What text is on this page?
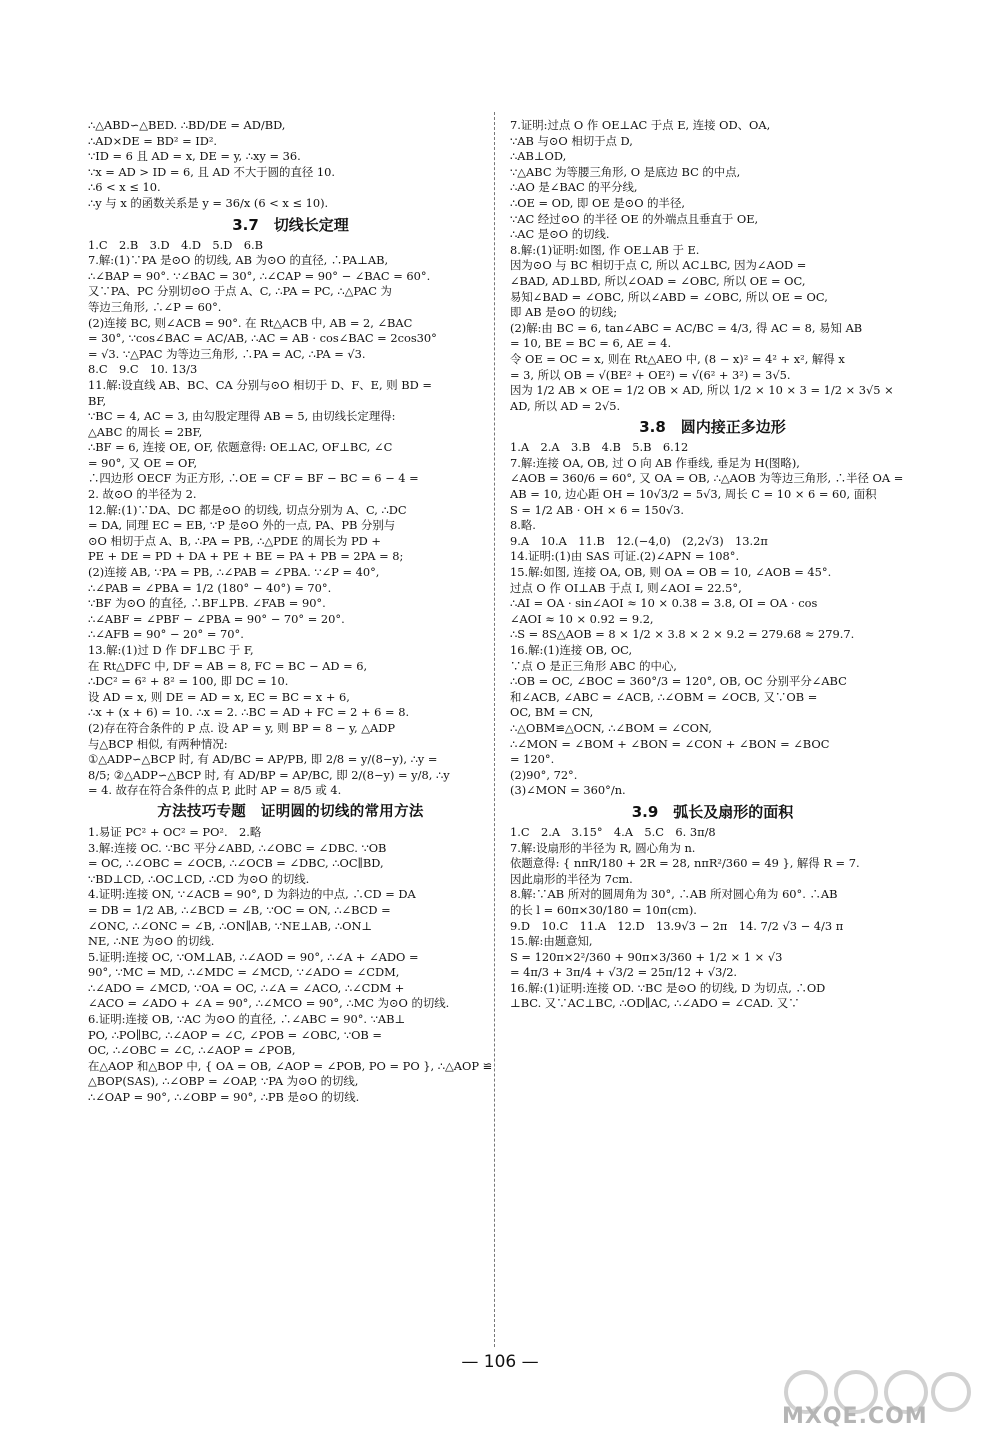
∴△ABD∽△BED. ∴BD/DE = AD/BD,
∴AD×DE = BD² = ID².
∵ID = 6 且 AD = x, DE = y, ∴xy = 36.
∵x = AD > ID = 6, 且 AD 不大于圆的直径 10.
∴6 < x ≤ 10.
∴y 与 x 的函数关系是 y = 36/x (6 < x ≤ 10).
3.7　切线长定理
1.C　2.B　3.D　4.D　5.D　6.B
7.解:(1)∵PA 是⊙O 的切线, AB 为⊙O 的直径, ∴PA⊥AB,
∴∠BAP = 90°. ∵∠BAC = 30°, ∴∠CAP = 90° − ∠BAC = 60°.
又∵PA、PC 分别切⊙O 于点 A、C, ∴PA = PC, ∴△PAC 为
等边三角形, ∴∠P = 60°.
(2)连接 BC, 则∠ACB = 90°. 在 Rt△ACB 中, AB = 2, ∠BAC
= 30°, ∵cos∠BAC = AC/AB, ∴AC = AB · cos∠BAC = 2cos30°
= √3. ∵△PAC 为等边三角形, ∴PA = AC, ∴PA = √3.
8.C　9.C　10. 13/3
11.解:设直线 AB、BC、CA 分别与⊙O 相切于 D、F、E, 则 BD =
BF,
∵BC = 4, AC = 3, 由勾股定理得 AB = 5, 由切线长定理得:
△ABC 的周长 = 2BF,
∴BF = 6, 连接 OE, OF, 依题意得: OE⊥AC, OF⊥BC, ∠C
= 90°, 又 OE = OF,
∴四边形 OECF 为正方形, ∴OE = CF = BF − BC = 6 − 4 =
2. 故⊙O 的半径为 2.
12.解:(1)∵DA、DC 都是⊙O 的切线, 切点分别为 A、C, ∴DC
= DA, 同理 EC = EB, ∵P 是⊙O 外的一点, PA、PB 分别与
⊙O 相切于点 A、B, ∴PA = PB, ∴△PDE 的周长为 PD +
PE + DE = PD + DA + PE + BE = PA + PB = 2PA = 8;
(2)连接 AB, ∵PA = PB, ∴∠PAB = ∠PBA. ∵∠P = 40°,
∴∠PAB = ∠PBA = 1/2 (180° − 40°) = 70°.
∵BF 为⊙O 的直径, ∴BF⊥PB. ∠FAB = 90°.
∴∠ABF = ∠PBF − ∠PBA = 90° − 70° = 20°.
∴∠AFB = 90° − 20° = 70°.
13.解:(1)过 D 作 DF⊥BC 于 F,
在 Rt△DFC 中, DF = AB = 8, FC = BC − AD = 6,
∴DC² = 6² + 8² = 100, 即 DC = 10.
设 AD = x, 则 DE = AD = x, EC = BC = x + 6,
∴x + (x + 6) = 10. ∴x = 2. ∴BC = AD + FC = 2 + 6 = 8.
(2)存在符合条件的 P 点. 设 AP = y, 则 BP = 8 − y, △ADP
与△BCP 相似, 有两种情况:
①△ADP∽△BCP 时, 有 AD/BC = AP/PB, 即 2/8 = y/(8−y), ∴y =
8/5; ②△ADP∽△BCP 时, 有 AD/BP = AP/BC, 即 2/(8−y) = y/8, ∴y
= 4. 故存在符合条件的点 P, 此时 AP = 8/5 或 4.
方法技巧专题　证明圆的切线的常用方法
1.易证 PC² + OC² = PO².　2.略
3.解:连接 OC. ∵BC 平分∠ABD, ∴∠OBC = ∠DBC. ∵OB
= OC, ∴∠OBC = ∠OCB, ∴∠OCB = ∠DBC, ∴OC∥BD,
∵BD⊥CD, ∴OC⊥CD, ∴CD 为⊙O 的切线.
4.证明:连接 ON, ∵∠ACB = 90°, D 为斜边的中点, ∴CD = DA
= DB = 1/2 AB, ∴∠BCD = ∠B, ∵OC = ON, ∴∠BCD =
∠ONC, ∴∠ONC = ∠B, ∴ON∥AB, ∵NE⊥AB, ∴ON⊥
NE, ∴NE 为⊙O 的切线.
5.证明:连接 OC, ∵OM⊥AB, ∴∠AOD = 90°, ∴∠A + ∠ADO =
90°, ∵MC = MD, ∴∠MDC = ∠MCD, ∵∠ADO = ∠CDM,
∴∠ADO = ∠MCD, ∵OA = OC, ∴∠A = ∠ACO, ∴∠CDM +
∠ACO = ∠ADO + ∠A = 90°, ∴∠MCO = 90°, ∴MC 为⊙O 的切线.
6.证明:连接 OB, ∵AC 为⊙O 的直径, ∴∠ABC = 90°. ∵AB⊥
PO, ∴PO∥BC, ∴∠AOP = ∠C, ∠POB = ∠OBC, ∵OB =
OC, ∴∠OBC = ∠C, ∴∠AOP = ∠POB,
在△AOP 和△BOP 中, { OA = OB, ∠AOP = ∠POB, PO = PO }, ∴△AOP ≌
△BOP(SAS), ∴∠OBP = ∠OAP, ∵PA 为⊙O 的切线,
∴∠OAP = 90°, ∴∠OBP = 90°, ∴PB 是⊙O 的切线.
7.证明:过点 O 作 OE⊥AC 于点 E, 连接 OD、OA,
∵AB 与⊙O 相切于点 D,
∴AB⊥OD,
∵△ABC 为等腰三角形, O 是底边 BC 的中点,
∴AO 是∠BAC 的平分线,
∴OE = OD, 即 OE 是⊙O 的半径,
∵AC 经过⊙O 的半径 OE 的外端点且垂直于 OE,
∴AC 是⊙O 的切线.
8.解:(1)证明:如图, 作 OE⊥AB 于 E.
因为⊙O 与 BC 相切于点 C, 所以 AC⊥BC, 因为∠AOD =
∠BAD, AD⊥BD, 所以∠OAD = ∠OBC, 所以 OE = OC,
易知∠BAD = ∠OBC, 所以∠ABD = ∠OBC, 所以 OE = OC,
即 AB 是⊙O 的切线;
(2)解:由 BC = 6, tan∠ABC = AC/BC = 4/3, 得 AC = 8, 易知 AB
= 10, BE = BC = 6, AE = 4.
令 OE = OC = x, 则在 Rt△AEO 中, (8 − x)² = 4² + x², 解得 x
= 3, 所以 OB = √(BE² + OE²) = √(6² + 3²) = 3√5.
因为 1/2 AB × OE = 1/2 OB × AD, 所以 1/2 × 10 × 3 = 1/2 × 3√5 ×
AD, 所以 AD = 2√5.
3.8　圆内接正多边形
1.A　2.A　3.B　4.B　5.B　6.12
7.解:连接 OA, OB, 过 O 向 AB 作垂线, 垂足为 H(图略),
∠AOB = 360/6 = 60°, 又 OA = OB, ∴△AOB 为等边三角形, ∴半径 OA =
AB = 10, 边心距 OH = 10√3/2 = 5√3, 周长 C = 10 × 6 = 60, 面积
S = 1/2 AB · OH × 6 = 150√3.
8.略.
9.A　10.A　11.B　12.(−4,0)　(2,2√3)　13.2π
14.证明:(1)由 SAS 可证.(2)∠APN = 108°.
15.解:如图, 连接 OA, OB, 则 OA = OB = 10, ∠AOB = 45°.
过点 O 作 OI⊥AB 于点 I, 则∠AOI = 22.5°,
∴AI = OA · sin∠AOI ≈ 10 × 0.38 = 3.8, OI = OA · cos
∠AOI ≈ 10 × 0.92 = 9.2,
∴S = 8S△AOB = 8 × 1/2 × 3.8 × 2 × 9.2 = 279.68 ≈ 279.7.
16.解:(1)连接 OB, OC,
∵点 O 是正三角形 ABC 的中心,
∴OB = OC, ∠BOC = 360°/3 = 120°, OB, OC 分别平分∠ABC
和∠ACB, ∠ABC = ∠ACB, ∴∠OBM = ∠OCB, 又∵OB =
OC, BM = CN,
∴△OBM≌△OCN, ∴∠BOM = ∠CON,
∴∠MON = ∠BOM + ∠BON = ∠CON + ∠BON = ∠BOC
= 120°.
(2)90°, 72°.
(3)∠MON = 360°/n.
3.9　弧长及扇形的面积
1.C　2.A　3.15°　4.A　5.C　6. 3π/8
7.解:设扇形的半径为 R, 圆心角为 n.
依题意得: { nπR/180 + 2R = 28, nπR²/360 = 49 }, 解得 R = 7.
因此扇形的半径为 7cm.
8.解:∵AB 所对的圆周角为 30°, ∴AB 所对圆心角为 60°. ∴AB
的长 l = 60π×30/180 = 10π(cm).
9.D　10.C　11.A　12.D　13.9√3 − 2π　14. 7/2 √3 − 4/3 π
15.解:由题意知,
S = 120π×2²/360 + 90π×3/360 + 1/2 × 1 × √3
= 4π/3 + 3π/4 + √3/2 = 25π/12 + √3/2.
16.解:(1)证明:连接 OD. ∵BC 是⊙O 的切线, D 为切点, ∴OD
⊥BC. 又∵AC⊥BC, ∴OD∥AC, ∴∠ADO = ∠CAD. 又∵
— 106 —
MXQE.COM
